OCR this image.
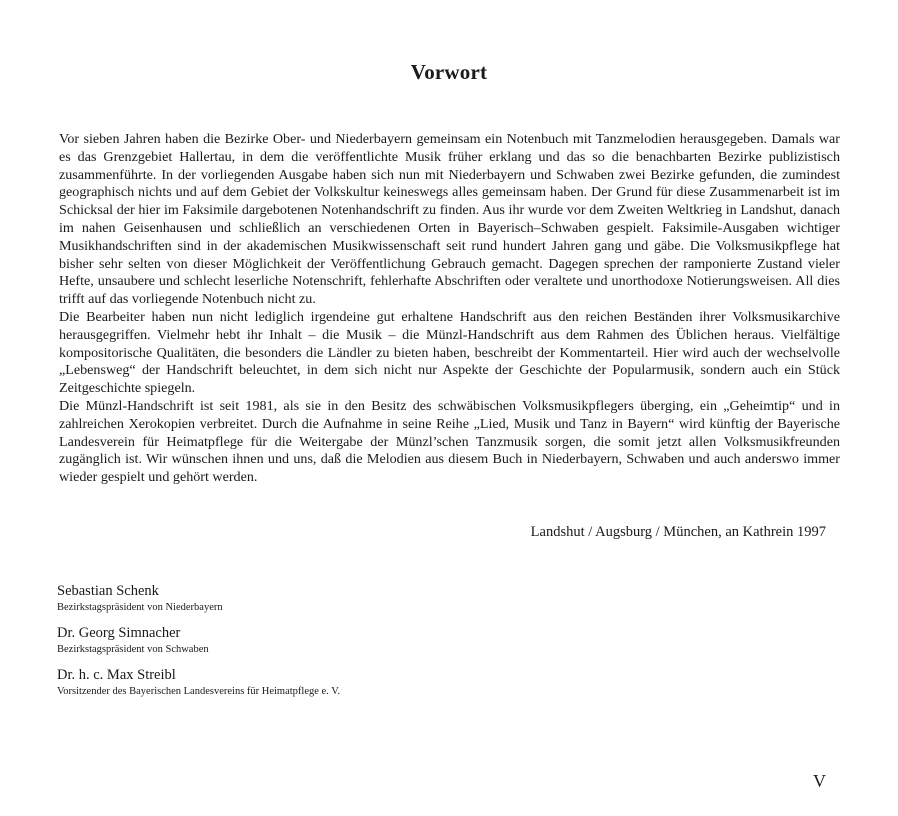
Vorwort

Vor sieben Jahren haben die Bezirke Ober- und Niederbayern gemeinsam ein Notenbuch mit Tanzmelodien herausgegeben. Damals war es das Grenzgebiet Hallertau, in dem die veröffentlichte Musik früher erklang und das so die benachbarten Bezirke publizistisch zusammenführte. In der vorliegenden Ausgabe haben sich nun mit Niederbayern und Schwaben zwei Bezirke gefunden, die zumindest geographisch nichts und auf dem Gebiet der Volkskultur keineswegs alles gemeinsam haben. Der Grund für diese Zusammenarbeit ist im Schicksal der hier im Faksimile dargebotenen Notenhandschrift zu finden. Aus ihr wurde vor dem Zweiten Weltkrieg in Landshut, danach im nahen Geisenhausen und schließlich an verschiedenen Orten in Bayerisch–Schwaben gespielt. Faksimile-Ausgaben wichtiger Musikhandschriften sind in der akademischen Musikwissenschaft seit rund hundert Jahren gang und gäbe. Die Volksmusikpflege hat bisher sehr selten von dieser Möglichkeit der Veröffentlichung Gebrauch gemacht. Dagegen sprechen der ramponierte Zustand vieler Hefte, unsaubere und schlecht leserliche Notenschrift, fehlerhafte Abschriften oder veraltete und unorthodoxe Notierungsweisen. All dies trifft auf das vorliegende Notenbuch nicht zu.

Die Bearbeiter haben nun nicht lediglich irgendeine gut erhaltene Handschrift aus den reichen Beständen ihrer Volksmusikarchive herausgegriffen. Vielmehr hebt ihr Inhalt – die Musik – die Münzl-Handschrift aus dem Rahmen des Üblichen heraus. Vielfältige kompositorische Qualitäten, die besonders die Ländler zu bieten haben, beschreibt der Kommentarteil. Hier wird auch der wechselvolle „Lebensweg“ der Handschrift beleuchtet, in dem sich nicht nur Aspekte der Geschichte der Popularmusik, sondern auch ein Stück Zeitgeschichte spiegeln.

Die Münzl-Handschrift ist seit 1981, als sie in den Besitz des schwäbischen Volksmusikpflegers überging, ein „Geheimtip“ und in zahlreichen Xerokopien verbreitet. Durch die Aufnahme in seine Reihe „Lied, Musik und Tanz in Bayern“ wird künftig der Bayerische Landesverein für Heimatpflege für die Weitergabe der Münzl’schen Tanzmusik sorgen, die somit jetzt allen Volksmusikfreunden zugänglich ist. Wir wünschen ihnen und uns, daß die Melodien aus diesem Buch in Niederbayern, Schwaben und auch anderswo immer wieder gespielt und gehört werden.

Landshut / Augsburg / München, an Kathrein 1997
Sebastian Schenk
Bezirkstagspräsident von Niederbayern
Dr. Georg Simnacher
Bezirkstagspräsident von Schwaben
Dr. h. c. Max Streibl
Vorsitzender des Bayerischen Landesvereins für Heimatpflege e. V.
V
